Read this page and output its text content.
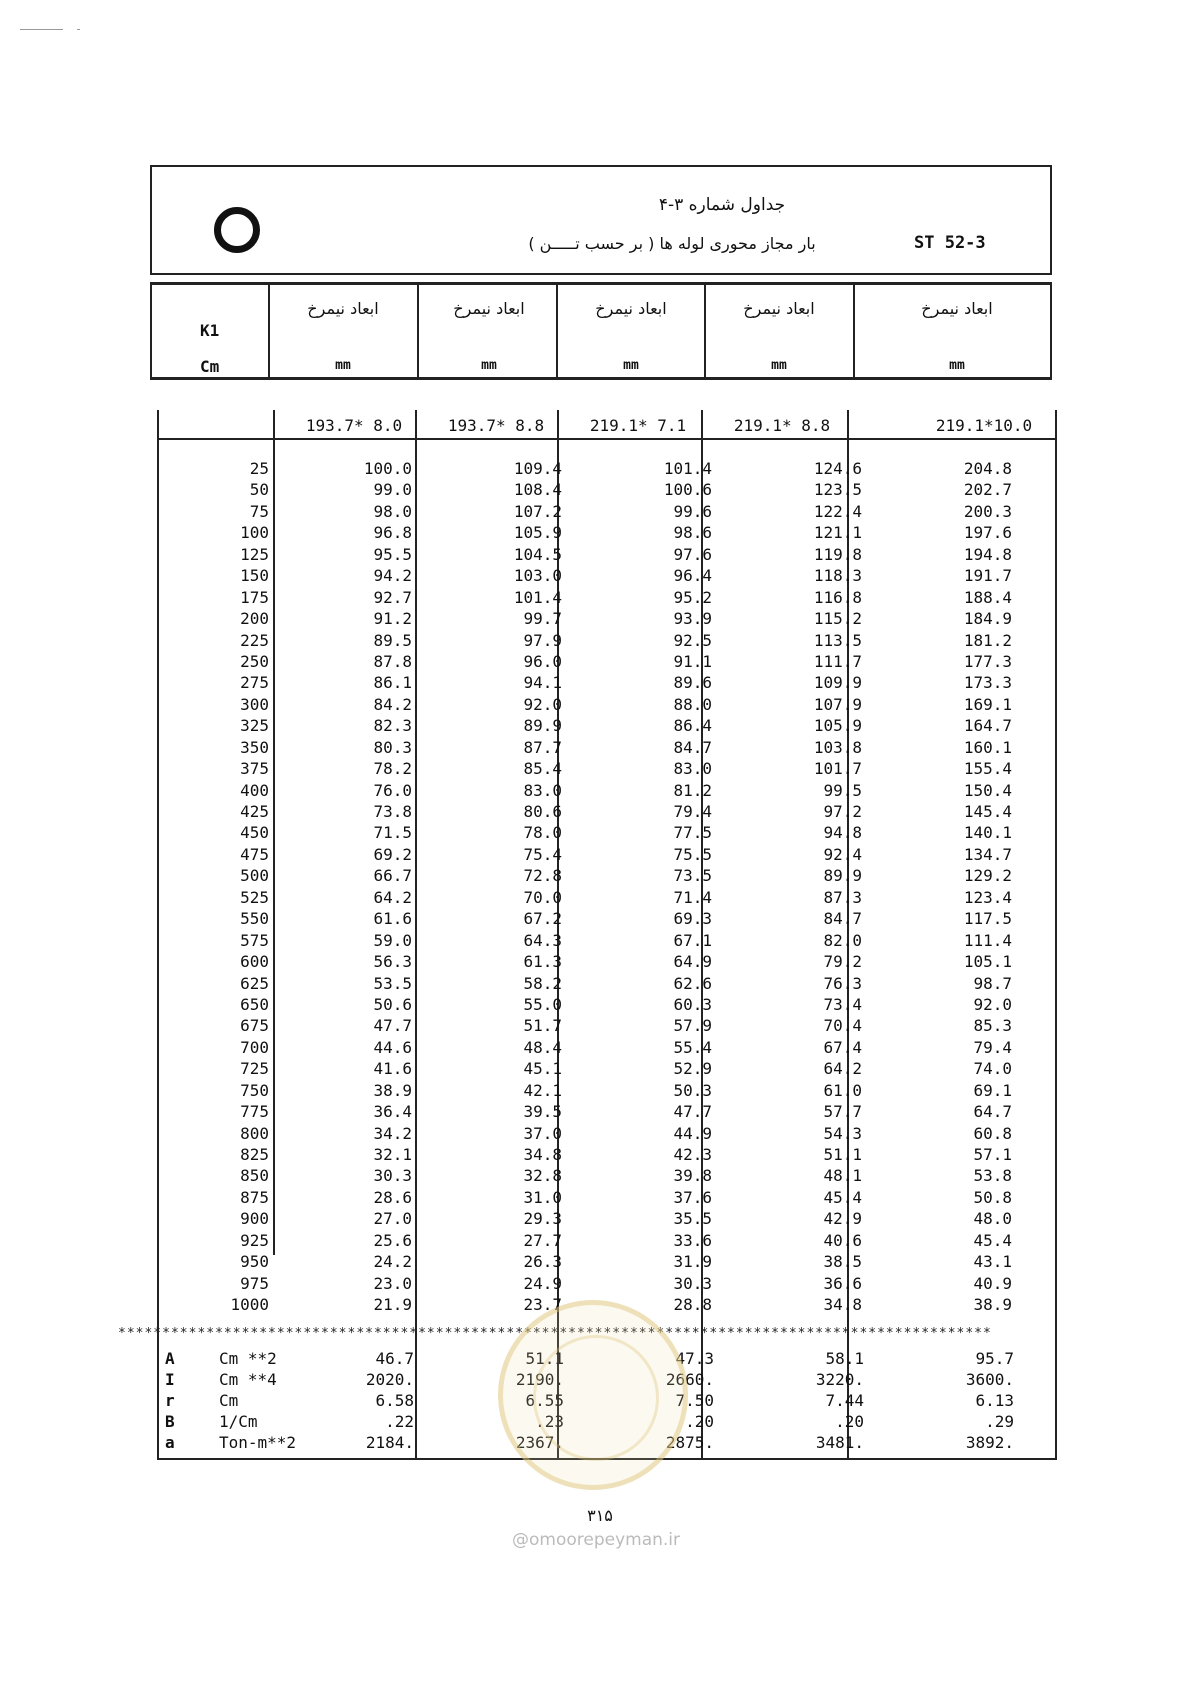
جداول شماره ۳-۴
بار مجاز محوری لوله ها ( بر حسب تـــــن )	ST 52-3
K1
Cm
ابعاد نیمرخ	ابعاد نیمرخ	ابعاد نیمرخ	ابعاد نیمرخ	ابعاد نیمرخ
mm	mm	mm	mm	mm
193.7* 8.0	193.7* 8.8	219.1* 7.1	219.1* 8.8	219.1*10.0
25	100.0	109.4	101.4	124.6	204.8
50	99.0	108.4	100.6	123.5	202.7
75	98.0	107.2	99.6	122.4	200.3
100	96.8	105.9	98.6	121.1	197.6
125	95.5	104.5	97.6	119.8	194.8
150	94.2	103.0	96.4	118.3	191.7
175	92.7	101.4	95.2	116.8	188.4
200	91.2	99.7	93.9	115.2	184.9
225	89.5	97.9	92.5	113.5	181.2
250	87.8	96.0	91.1	111.7	177.3
275	86.1	94.1	89.6	109.9	173.3
300	84.2	92.0	88.0	107.9	169.1
325	82.3	89.9	86.4	105.9	164.7
350	80.3	87.7	84.7	103.8	160.1
375	78.2	85.4	83.0	101.7	155.4
400	76.0	83.0	81.2	99.5	150.4
425	73.8	80.6	79.4	97.2	145.4
450	71.5	78.0	77.5	94.8	140.1
475	69.2	75.4	75.5	92.4	134.7
500	66.7	72.8	73.5	89.9	129.2
525	64.2	70.0	71.4	87.3	123.4
550	61.6	67.2	69.3	84.7	117.5
575	59.0	64.3	67.1	82.0	111.4
600	56.3	61.3	64.9	79.2	105.1
625	53.5	58.2	62.6	76.3	98.7
650	50.6	55.0	60.3	73.4	92.0
675	47.7	51.7	57.9	70.4	85.3
700	44.6	48.4	55.4	67.4	79.4
725	41.6	45.1	52.9	64.2	74.0
750	38.9	42.1	50.3	61.0	69.1
775	36.4	39.5	47.7	57.7	64.7
800	34.2	37.0	44.9	54.3	60.8
825	32.1	34.8	42.3	51.1	57.1
850	30.3	32.8	39.8	48.1	53.8
875	28.6	31.0	37.6	45.4	50.8
900	27.0	29.3	35.5	42.9	48.0
925	25.6	27.7	33.6	40.6	45.4
950	24.2	26.3	31.9	38.5	43.1
975	23.0	24.9	30.3	36.6	40.9
1000	21.9	23.7	28.8	34.8	38.9
***************************************************************************************************
A	Cm **2	46.7	51.1	47.3	58.1	95.7
I	Cm **4	2020.	2190.	2660.	3220.	3600.
r	Cm	6.58	6.55	7.50	7.44	6.13
B	1/Cm	.22	.23	.20	.20	.29
a	Ton-m**2	2184.	2367.	2875.	3481.	3892.
۳۱۵
@omoorepeyman.ir
